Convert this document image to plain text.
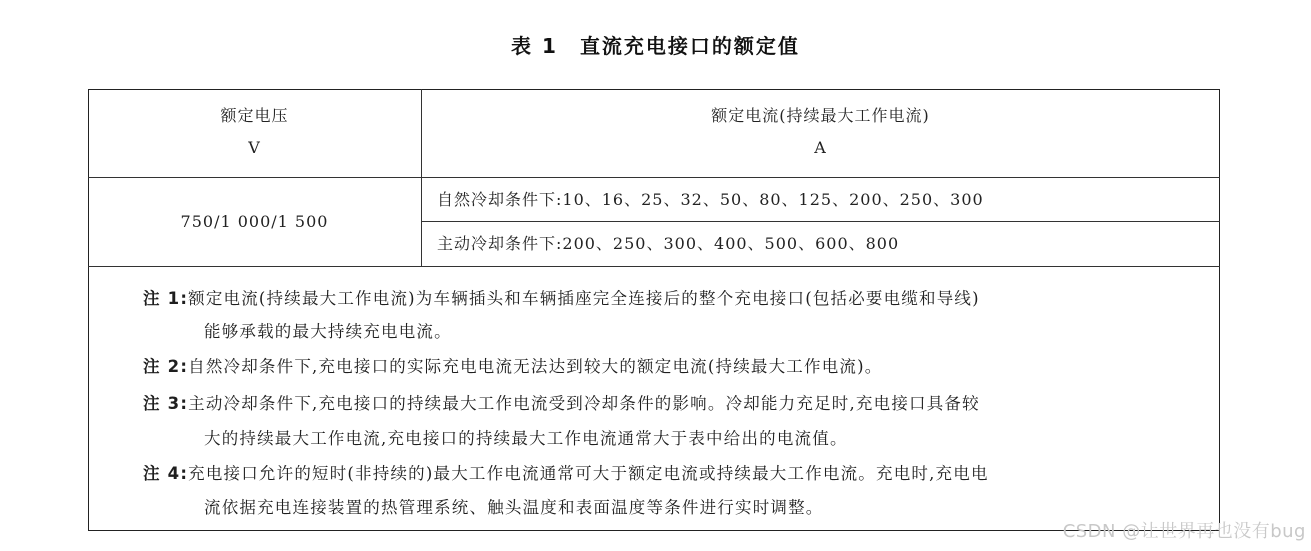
表 1 直流充电接口的额定值
额定电压
V
额定电流(持续最大工作电流)
A
750/1 000/1 500
自然冷却条件下:10、16、25、32、50、80、125、200、250、300
主动冷却条件下:200、250、300、400、500、600、800
注 1:额定电流(持续最大工作电流)为车辆插头和车辆插座完全连接后的整个充电接口(包括必要电缆和导线)
能够承载的最大持续充电电流。
注 2:自然冷却条件下,充电接口的实际充电电流无法达到较大的额定电流(持续最大工作电流)。
注 3:主动冷却条件下,充电接口的持续最大工作电流受到冷却条件的影响。冷却能力充足时,充电接口具备较
大的持续最大工作电流,充电接口的持续最大工作电流通常大于表中给出的电流值。
注 4:充电接口允许的短时(非持续的)最大工作电流通常可大于额定电流或持续最大工作电流。充电时,充电电
流依据充电连接装置的热管理系统、触头温度和表面温度等条件进行实时调整。
CSDN @让世界再也没有bug
